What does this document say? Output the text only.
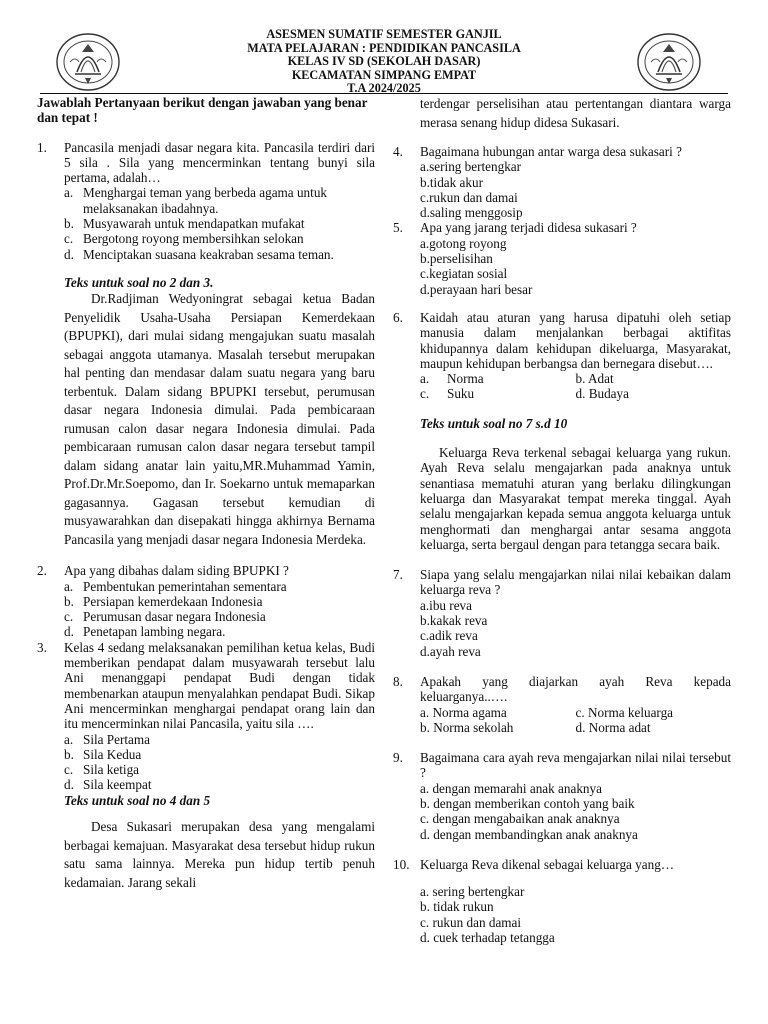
ASESMEN SUMATIF SEMESTER GANJIL
MATA PELAJARAN : PENDIDIKAN PANCASILA
KELAS IV SD (SEKOLAH DASAR)
KECAMATAN SIMPANG EMPAT
T.A 2024/2025

Jawablah Pertanyaan berikut dengan jawaban yang benar dan tepat !

1. Pancasila menjadi dasar negara kita. Pancasila terdiri dari 5 sila . Sila yang mencerminkan tentang bunyi sila pertama, adalah…
a. Menghargai teman yang berbeda agama untuk melaksanakan ibadahnya.
b. Musyawarah untuk mendapatkan mufakat
c. Bergotong royong membersihkan selokan
d. Menciptakan suasana keakraban sesama teman.
Teks untuk soal no 2 dan 3.
Dr.Radjiman Wedyoningrat sebagai ketua Badan Penyelidik Usaha-Usaha Persiapan Kemerdekaan (BPUPKI), dari mulai sidang mengajukan suatu masalah sebagai anggota utamanya. Masalah tersebut merupakan hal penting dan mendasar dalam suatu negara yang baru terbentuk. Dalam sidang BPUPKI tersebut, perumusan dasar negara Indonesia dimulai. Pada pembicaraan rumusan calon dasar negara Indonesia dimulai. Pada pembicaraan rumusan calon dasar negara tersebut tampil dalam sidang anatar lain yaitu,MR.Muhammad Yamin, Prof.Dr.Mr.Soepomo, dan Ir. Soekarno untuk memaparkan gagasannya. Gagasan tersebut kemudian di musyawarahkan dan disepakati hingga akhirnya Bernama Pancasila yang menjadi dasar negara Indonesia Merdeka.
2. Apa yang dibahas dalam siding BPUPKI ?
a. Pembentukan pemerintahan sementara
b. Persiapan kemerdekaan Indonesia
c. Perumusan dasar negara Indonesia
d. Penetapan lambing negara.
3. Kelas 4 sedang melaksanakan pemilihan ketua kelas, Budi memberikan pendapat dalam musyawarah tersebut lalu Ani menanggapi pendapat Budi dengan tidak membenarkan ataupun menyalahkan pendapat Budi. Sikap Ani mencerminkan menghargai pendapat orang lain dan itu mencerminkan nilai Pancasila, yaitu sila ….
a. Sila Pertama
b. Sila Kedua
c. Sila ketiga
d. Sila keempat
Teks untuk soal no 4 dan 5
Desa Sukasari merupakan desa yang mengalami berbagai kemajuan. Masyarakat desa tersebut hidup rukun satu sama lainnya. Mereka pun hidup tertib penuh kedamaian. Jarang sekali
terdengar perselisihan atau pertentangan diantara warga merasa senang hidup didesa Sukasari.
4. Bagaimana hubungan antar warga desa sukasari ?
a.sering bertengkar
b.tidak akur
c.rukun dan damai
d.saling menggosip
5. Apa yang jarang terjadi didesa sukasari ?
a.gotong royong
b.perselisihan
c.kegiatan sosial
d.perayaan hari besar
6. Kaidah atau aturan yang harusa dipatuhi oleh setiap manusia dalam menjalankan berbagai aktifitas khidupannya dalam kehidupan dikeluarga, Masyarakat, maupun kehidupan berbangsa dan bernegara disebut….
a.	Norma	b. Adat
c.	Suku	d. Budaya
Teks untuk soal no 7 s.d 10
Keluarga Reva terkenal sebagai keluarga yang rukun. Ayah Reva selalu mengajarkan pada anaknya untuk senantiasa mematuhi aturan yang berlaku dilingkungan keluarga dan Masyarakat tempat mereka tinggal. Ayah selalu mengajarkan kepada semua anggota keluarga untuk menghormati dan menghargai antar sesama anggota keluarga, serta bergaul dengan para tetangga secara baik.
7. Siapa yang selalu mengajarkan nilai nilai kebaikan dalam keluarga reva ?
a.ibu reva
b.kakak reva
c.adik reva
d.ayah reva
8. Apakah yang diajarkan ayah Reva kepada keluarganya..….
a. Norma agama	c. Norma keluarga
b. Norma sekolah	d. Norma adat
9. Bagaimana cara ayah reva mengajarkan nilai nilai tersebut ?
a. dengan memarahi anak anaknya
b. dengan memberikan contoh yang baik
c. dengan mengabaikan anak anaknya
d. dengan membandingkan anak anaknya
10. Keluarga Reva dikenal sebagai keluarga yang…
a. sering bertengkar
b. tidak rukun
c. rukun dan damai
d. cuek terhadap tetangga
